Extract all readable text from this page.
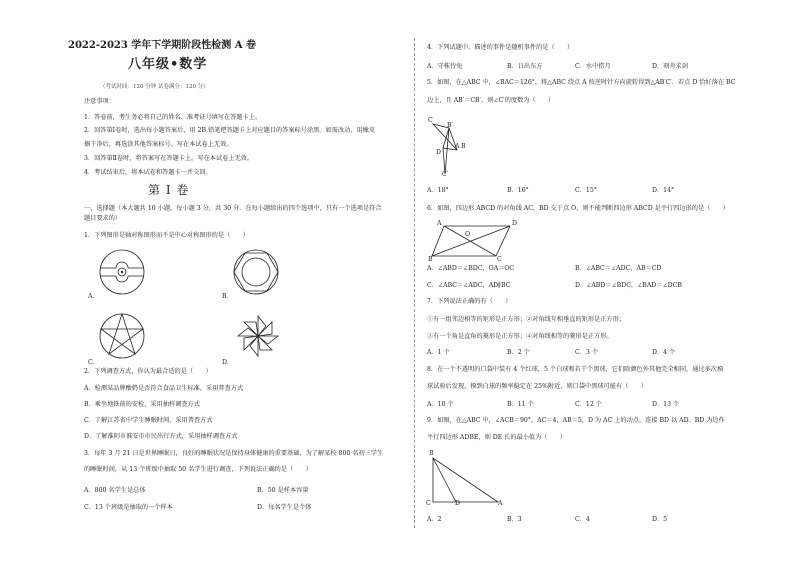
2022-2023 学年下学期阶段性检测 A 卷
八年级•数学
（考试时间：120 分钟 试卷满分：120 分）
注意事项：
1．答卷前，考生务必将自己的姓名、准考证号填写在答题卡上。
2．回答第Ⅰ卷时，选出每小题答案后，用 2B 铅笔把答题卡上对应题目的答案标号涂黑。如需改动，用橡皮
擦干净后，再选涂其他答案标号。写在本试卷上无效。
3．回答第Ⅱ卷时，将答案写在答题卡上。写在本试卷上无效。
4．考试结束后，将本试卷和答题卡一并交回。
第 I 卷
一、选择题（本大题共 10 小题，每小题 3 分，共 30 分．在每小题给出的四个选项中，只有一个选项是符合
题目要求的）
1．下列图形是轴对称图形而不是中心对称图形的是（　　）
A．	B．
C．	D．
2．下列调查方式，你认为最合适的是（　　）
A．检测某品牌酸奶是否符合食品卫生标准，采用普查方式
B．乘坐地铁前的安检，采用抽样调查方式
C．了解江苏省中学生睡眠时间，采用普查方式
D．了解淮阴市淮安市市民出行方式，采用抽样调查方式
3．每年 3 月 21 日是世界睡眠日，良好的睡眠状况是保持身体健康的重要基础，为了解某校 800 名初三学生
的睡眠时间，从 13 个班级中抽取 50 名学生进行调查，下列说法正确的是（　　）
A．800 名学生是总体	B．50 是样本容量
C．13 个班级是抽取的一个样本	D．每名学生是个体
4．下列试题中，描述的事件是随机事件的是（　　）
A．守株待兔	B．日出东方	C．水中捞月	D．刻舟求剑
5．如图，在△ABC 中，∠BAC＝126°，将△ABC 绕点 A 按逆时针方向旋转得到△AB′C′．若点 D 恰好落在 BC
边上，且 AB′＝CB′，则∠C′的度数为（　　）
C
B′
A B
D
C′
A．18°	B．16°	C．15°	D．14°
6．如图，四边形 ABCD 的对角线 AC，BD 交于点 O，则不能判断四边形 ABCD 是平行四边形的是（　　）
A	D
O
B	C
A．∠ABD＝∠BDC，OA＝OC	B．∠ABC＝∠ADC，AB＝CD
C．∠ABC＝∠ADC，AD∥BC	D．∠ABD＝∠BDC，∠BAD＝∠DCB
7．下列说法正确的有（　　）
①有一组邻边相等的矩形是正方形；②对角线互相垂直的矩形是正方形；
③有一个角是直角的菱形是正方形；④对角线相等的菱形是正方形。
A．1 个	B．2 个	C．3 个	D．4 个
8．在一个不透明的口袋中装有 4 个红球，5 个白球和若干个黑球，它们除颜色外其他完全相同，通过多次摸
球试验后发现，摸到白球的频率稳定在 25%附近，则口袋中黑球可能有（　　）
A．10 个	B．11 个	C．12 个	D．13 个
9．如图，在△ABC 中，∠ACB＝90°，AC＝4，AB＝5，D 为 AC 上的动点，连接 BD 以 AD、BD 为边作
平行四边形 ADBE，则 DE 长的最小值为（　　）
B
C	D	A
A．2	B．3	C．4	D．5
